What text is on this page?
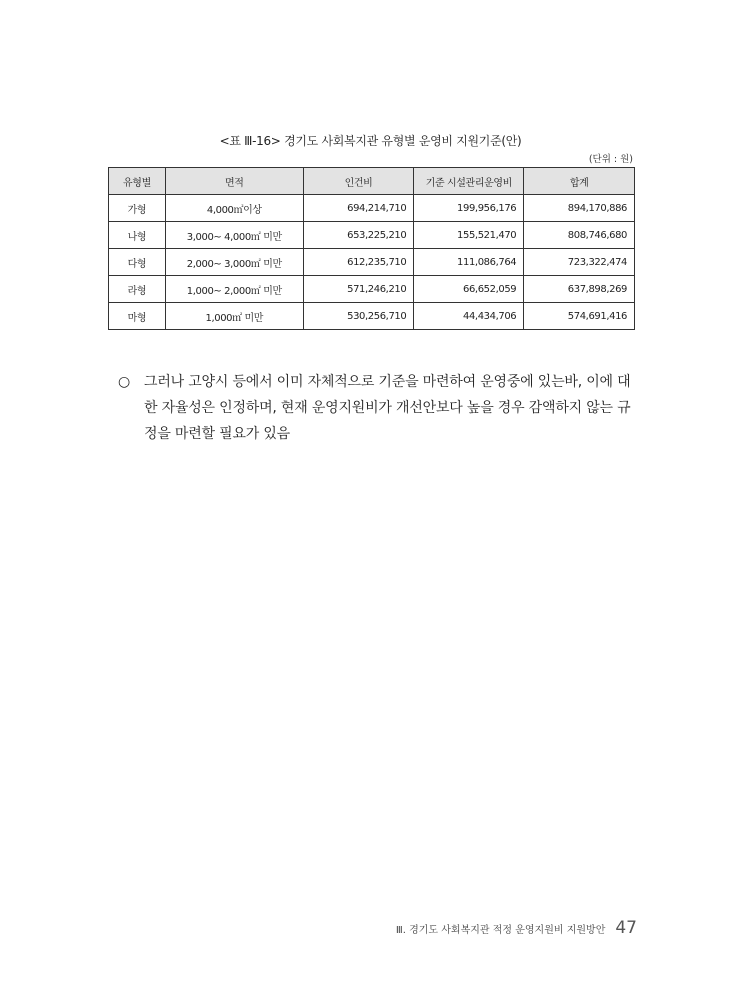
<표 Ⅲ-16> 경기도 사회복지관 유형별 운영비 지원기준(안)
(단위 : 원)
유형별	면적	인건비	기준 시설관리운영비	합계
가형	4,000㎡이상	694,214,710	199,956,176	894,170,886
나형	3,000~ 4,000㎡ 미만	653,225,210	155,521,470	808,746,680
다형	2,000~ 3,000㎡ 미만	612,235,710	111,086,764	723,322,474
라형	1,000~ 2,000㎡ 미만	571,246,210	66,652,059	637,898,269
마형	1,000㎡ 미만	530,256,710	44,434,706	574,691,416
○ 그러나 고양시 등에서 이미 자체적으로 기준을 마련하여 운영중에 있는바, 이에 대한 자율성은 인정하며, 현재 운영지원비가 개선안보다 높을 경우 감액하지 않는 규정을 마련할 필요가 있음
Ⅲ. 경기도 사회복지관 적정 운영지원비 지원방안 47
